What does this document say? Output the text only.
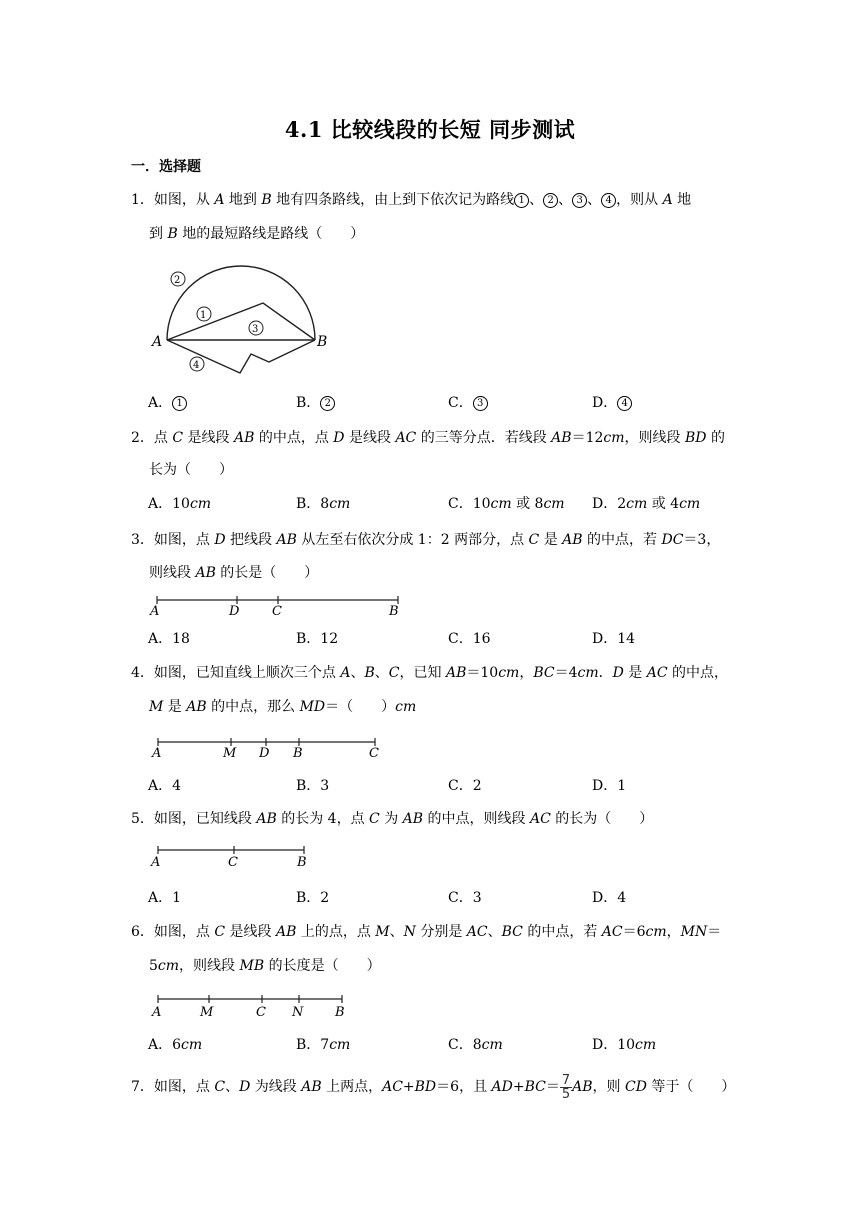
4.1 比较线段的长短 同步测试
一．选择题
1．如图，从 A 地到 B 地有四条路线，由上到下依次记为路线 1 、 2 、 3 、 4 ，则从 A 地
到 B 地的最短路线是路线（　　）
A	B
2
1
3
4
A． 1	B． 2	C． 3	D． 4
2．点 C 是线段 AB 的中点，点 D 是线段 AC 的三等分点．若线段 AB＝12cm，则线段 BD 的
长为（　　）
A．10cm	B．8cm	C．10cm 或 8cm D．2cm 或 4cm
3．如图，点 D 把线段 AB 从左至右依次分成 1：2 两部分，点 C 是 AB 的中点，若 DC＝3，
则线段 AB 的长是（　　）
A	D	C	B
A．18	B．12	C．16	D．14
4．如图，已知直线上顺次三个点 A、B、C，已知 AB＝10cm，BC＝4cm．D 是 AC 的中点，
M 是 AB 的中点，那么 MD＝（　　）cm
A	M D B	C
A．4	B．3	C．2	D．1
5．如图，已知线段 AB 的长为 4，点 C 为 AB 的中点，则线段 AC 的长为（　　）
A	C	B
A．1	B．2	C．3	D．4
6．如图，点 C 是线段 AB 上的点，点 M、N 分别是 AC、BC 的中点，若 AC＝6cm，MN＝
5cm，则线段 MB 的长度是（　　）
A	M	C N B
A．6cm	B．7cm	C．8cm	D．10cm
7．如图，点 C、D 为线段 AB 上两点，AC+BD＝6，且 $AD+BC= \frac{7}{5}$ AB，则 CD 等于（　　）
